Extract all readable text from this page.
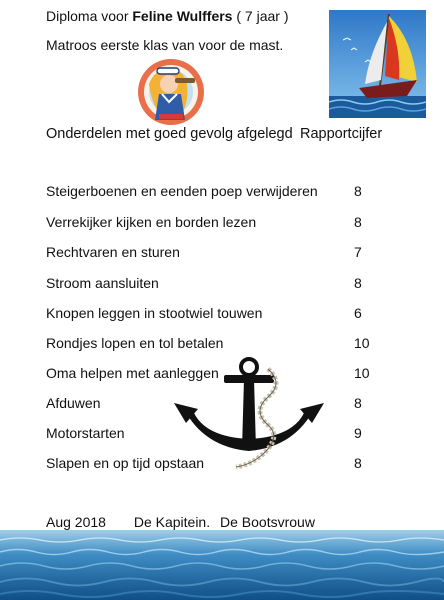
Diploma voor Feline Wulffers ( 7 jaar )
Matroos eerste klas van voor de mast.
Onderdelen met goed gevolg afgelegd Rapportcijfer
Steigerboenen en eenden poep verwijderen	8
Verrekijker kijken en borden lezen	8
Rechtvaren en sturen	7
Stroom aansluiten	8
Knopen leggen in stootwiel touwen	6
Rondjes lopen en tol betalen	10
Oma helpen met aanleggen	10
Afduwen	8
Motorstarten	9
Slapen en op tijd opstaan	8
Aug 2018 De Kapitein. De Bootsvrouw
